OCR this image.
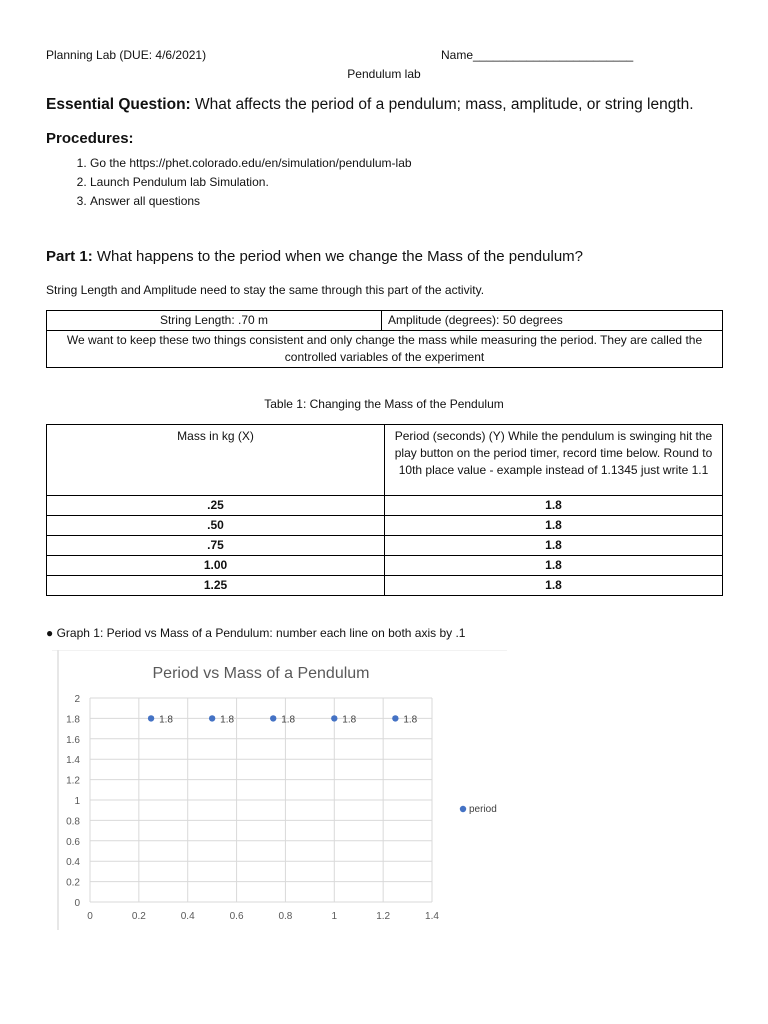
Planning Lab (DUE: 4/6/2021)	Name________________________
Pendulum lab
Essential Question: What affects the period of a pendulum; mass, amplitude, or string length.
Procedures:
1. Go the https://phet.colorado.edu/en/simulation/pendulum-lab
2. Launch Pendulum lab Simulation.
3. Answer all questions
Part 1: What happens to the period when we change the Mass of the pendulum?
String Length and Amplitude need to stay the same through this part of the activity.
String Length: .70 m	Amplitude (degrees): 50 degrees
We want to keep these two things consistent and only change the mass while measuring the period. They are called the controlled variables of the experiment
Table 1: Changing the Mass of the Pendulum
Mass in kg (X)	Period (seconds) (Y) While the pendulum is swinging hit the play button on the period timer, record time below. Round to 10th place value - example instead of 1.1345 just write 1.1
.25	1.8
.50	1.8
.75	1.8
1.00	1.8
1.25	1.8
● Graph 1: Period vs Mass of a Pendulum: number each line on both axis by .1
Period vs Mass of a Pendulum
0
0.2
0.4
0.6
0.8
1
1.2
1.4
1.6
1.8
2
0	0.2	0.4	0.6	0.8	1	1.2	1.4
1.8	1.8	1.8	1.8	1.8
period
